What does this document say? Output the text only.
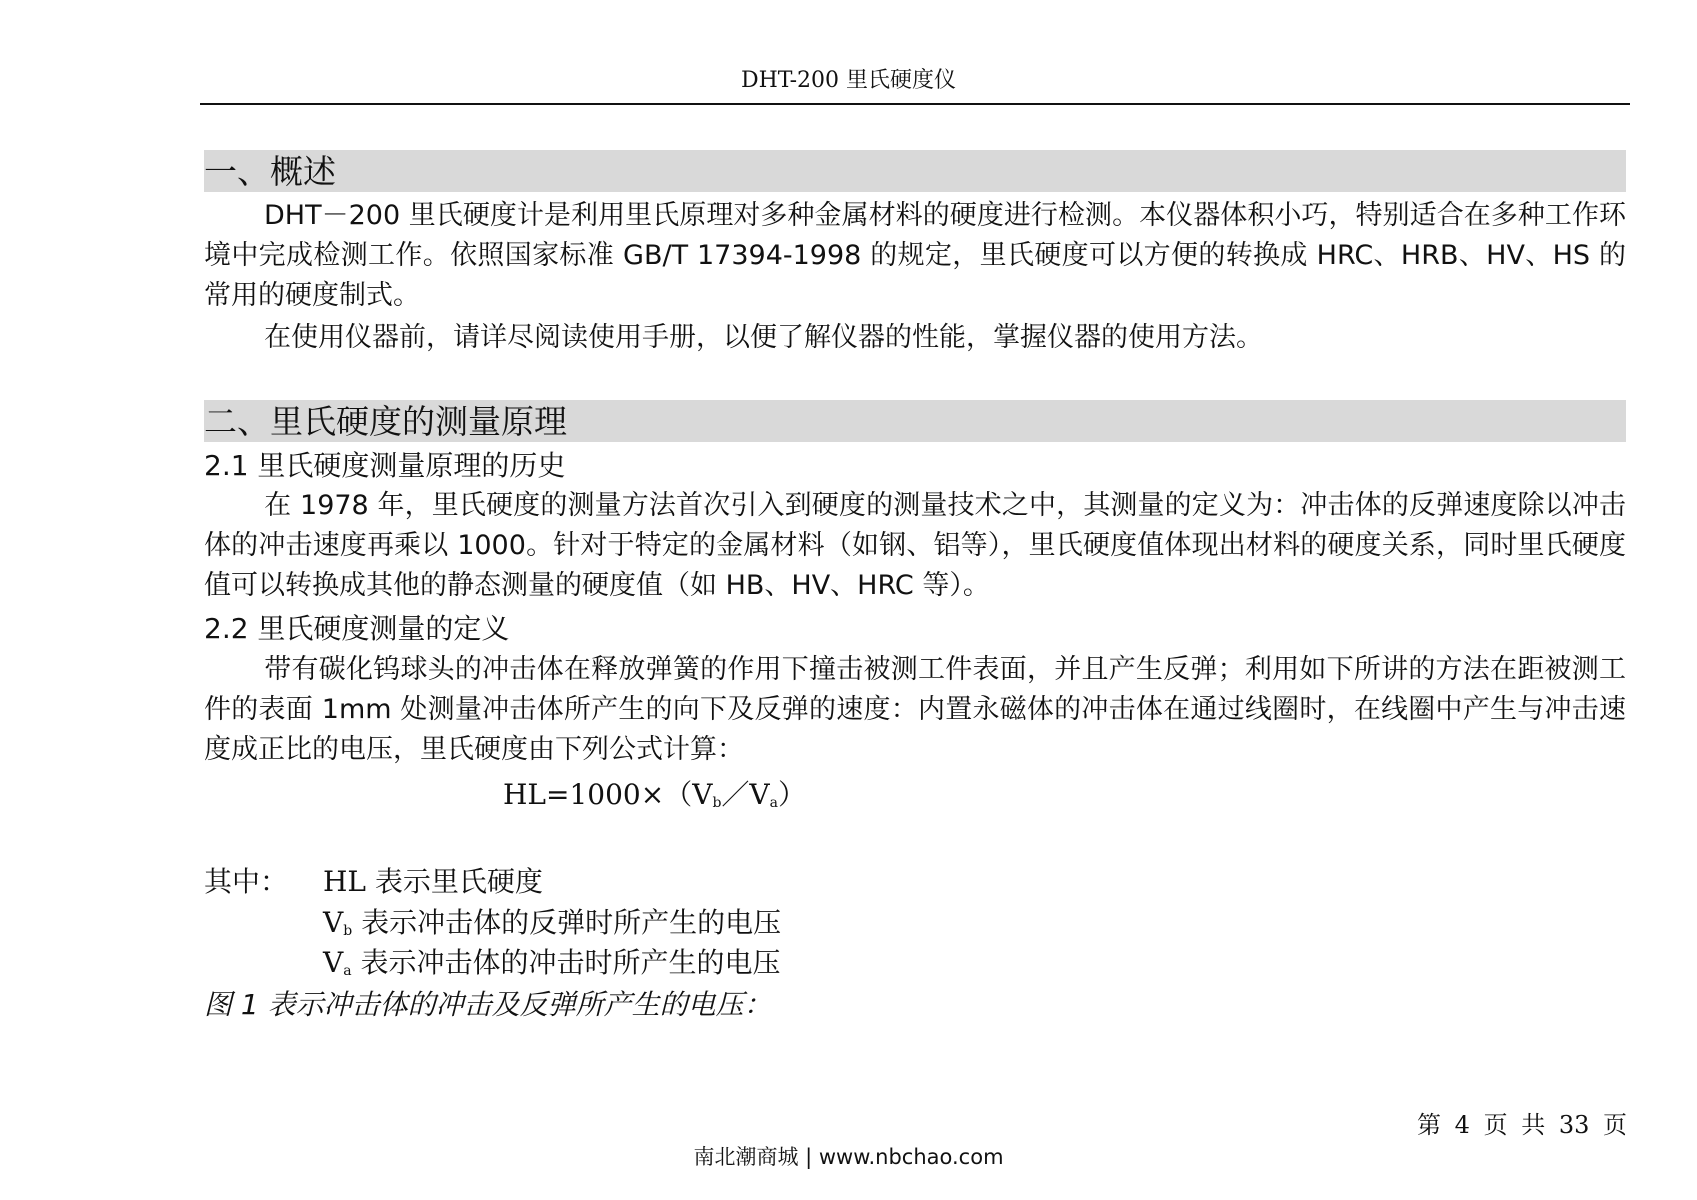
DHT-200 里氏硬度仪
一、概述
DHT－200 里氏硬度计是利用里氏原理对多种金属材料的硬度进行检测。本仪器体积小巧，特别适合在多种工作环境中完成检测工作。依照国家标准 GB/T 17394-1998 的规定，里氏硬度可以方便的转换成 HRC、HRB、HV、HS 的常用的硬度制式。
在使用仪器前，请详尽阅读使用手册，以便了解仪器的性能，掌握仪器的使用方法。
二、里氏硬度的测量原理
2.1 里氏硬度测量原理的历史
在 1978 年，里氏硬度的测量方法首次引入到硬度的测量技术之中，其测量的定义为：冲击体的反弹速度除以冲击体的冲击速度再乘以 1000。针对于特定的金属材料（如钢、铝等），里氏硬度值体现出材料的硬度关系，同时里氏硬度值可以转换成其他的静态测量的硬度值（如 HB、HV、HRC 等）。
2.2 里氏硬度测量的定义
带有碳化钨球头的冲击体在释放弹簧的作用下撞击被测工件表面，并且产生反弹；利用如下所讲的方法在距被测工件的表面 1mm 处测量冲击体所产生的向下及反弹的速度：内置永磁体的冲击体在通过线圈时，在线圈中产生与冲击速度成正比的电压，里氏硬度由下列公式计算：
$HL=1000\times(V_b/V_a)$
其中： HL 表示里氏硬度
$V_b$ 表示冲击体的反弹时所产生的电压
$V_a$ 表示冲击体的冲击时所产生的电压
图 1 表示冲击体的冲击及反弹所产生的电压：
第 4 页 共 33 页
南北潮商城 | www.nbchao.com
